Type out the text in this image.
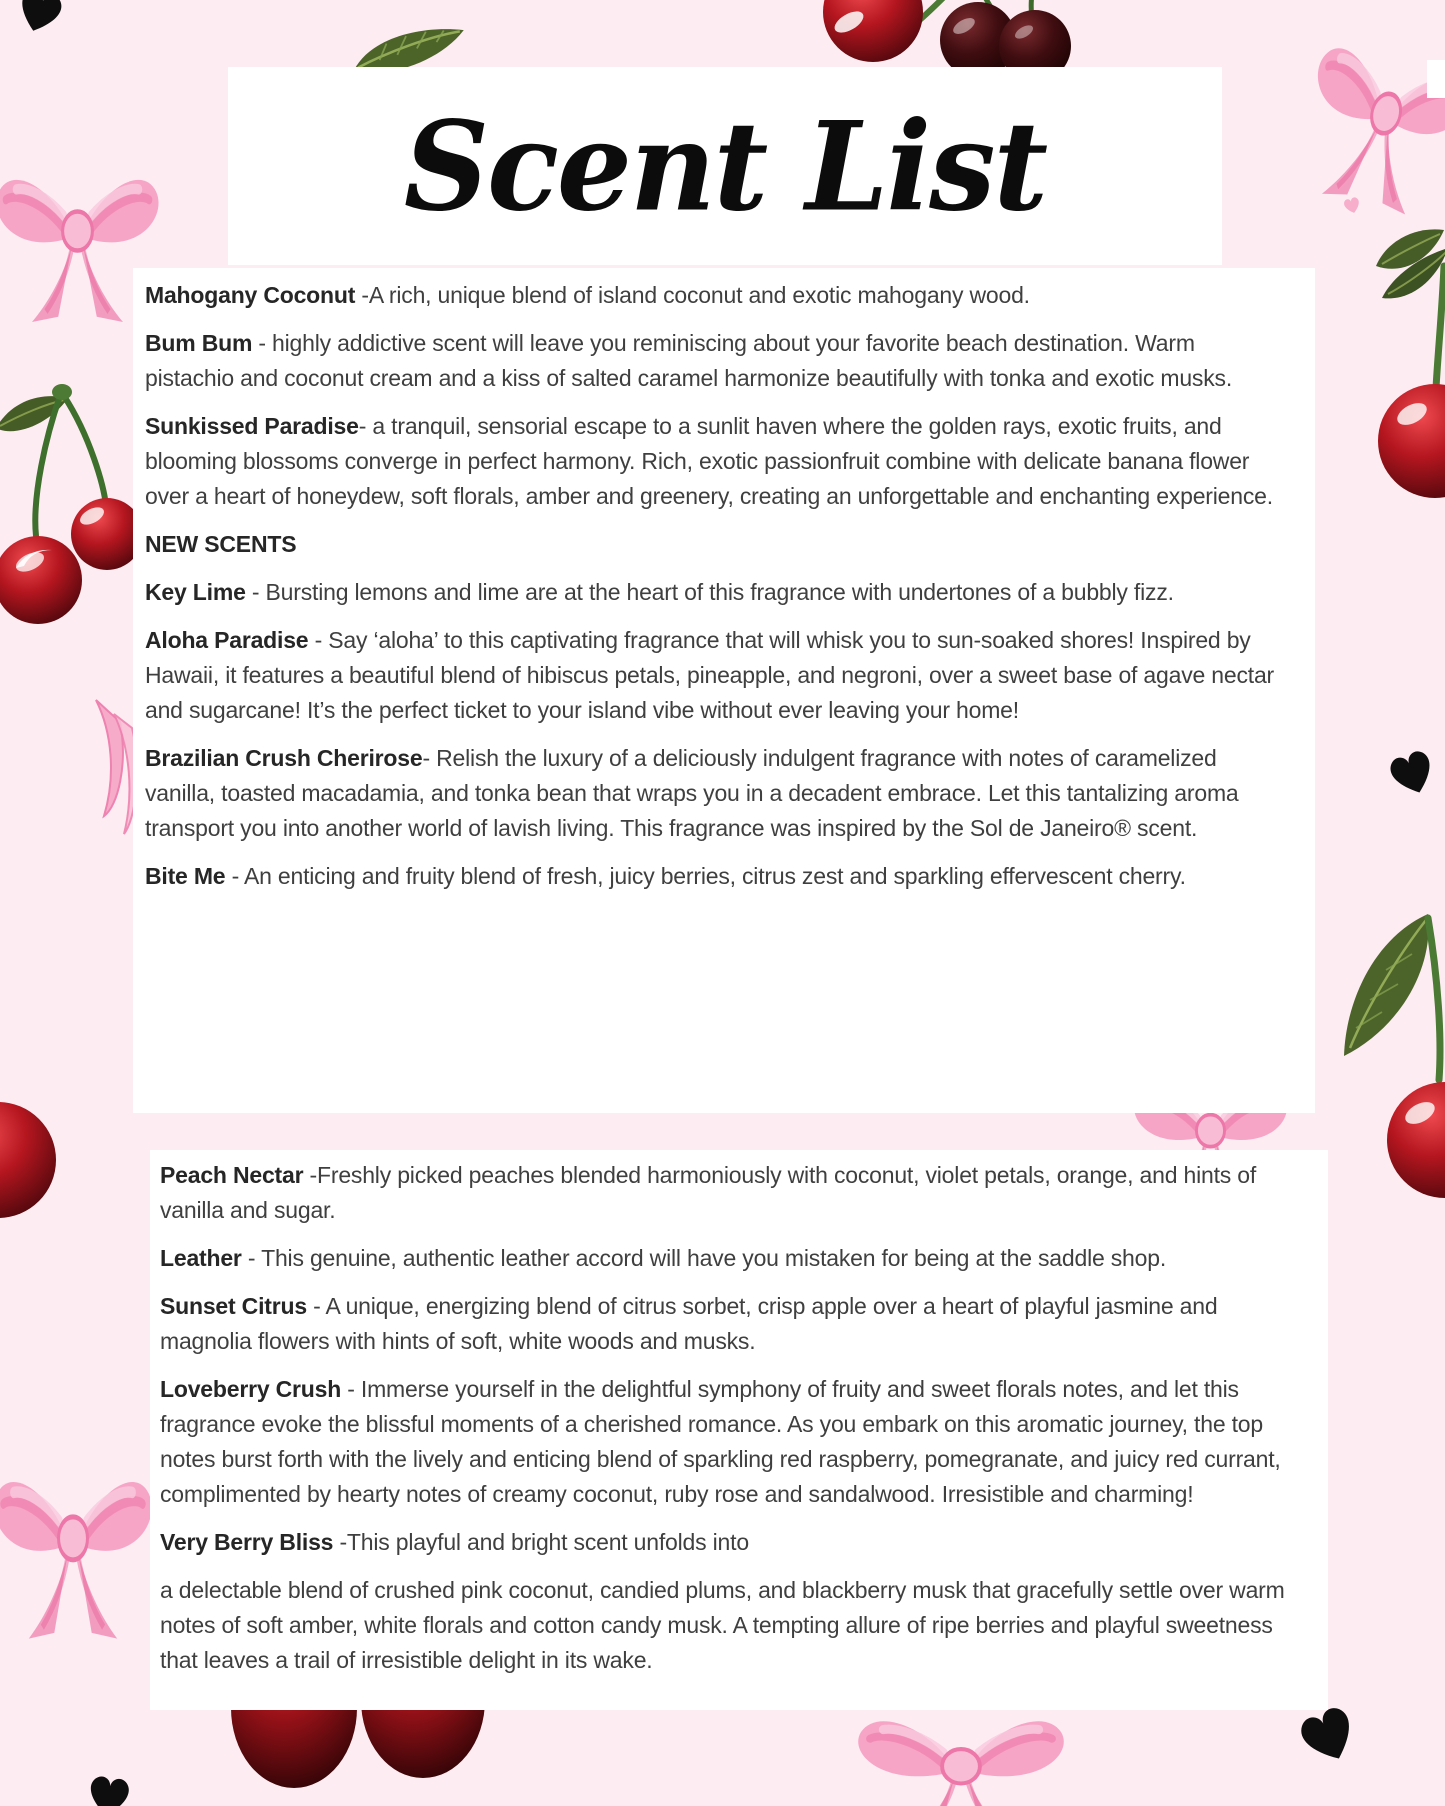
Scent List

Mahogany Coconut -A rich, unique blend of island coconut and exotic mahogany wood.

Bum Bum - highly addictive scent will leave you reminiscing about your favorite beach destination. Warm pistachio and coconut cream and a kiss of salted caramel harmonize beautifully with tonka and exotic musks.

Sunkissed Paradise- a tranquil, sensorial escape to a sunlit haven where the golden rays, exotic fruits, and blooming blossoms converge in perfect harmony. Rich, exotic passionfruit combine with delicate banana flower over a heart of honeydew, soft florals, amber and greenery, creating an unforgettable and enchanting experience.

NEW SCENTS

Key Lime - Bursting lemons and lime are at the heart of this fragrance with undertones of a bubbly fizz.

Aloha Paradise - Say ‘aloha’ to this captivating fragrance that will whisk you to sun-soaked shores! Inspired by Hawaii, it features a beautiful blend of hibiscus petals, pineapple, and negroni, over a sweet base of agave nectar and sugarcane! It’s the perfect ticket to your island vibe without ever leaving your home!

Brazilian Crush Cherirose- Relish the luxury of a deliciously indulgent fragrance with notes of caramelized vanilla, toasted macadamia, and tonka bean that wraps you in a decadent embrace. Let this tantalizing aroma transport you into another world of lavish living. This fragrance was inspired by the Sol de Janeiro® scent.

Bite Me - An enticing and fruity blend of fresh, juicy berries, citrus zest and sparkling effervescent cherry.

Peach Nectar -Freshly picked peaches blended harmoniously with coconut, violet petals, orange, and hints of vanilla and sugar.

Leather - This genuine, authentic leather accord will have you mistaken for being at the saddle shop.

Sunset Citrus - A unique, energizing blend of citrus sorbet, crisp apple over a heart of playful jasmine and magnolia flowers with hints of soft, white woods and musks.

Loveberry Crush - Immerse yourself in the delightful symphony of fruity and sweet florals notes, and let this fragrance evoke the blissful moments of a cherished romance. As you embark on this aromatic journey, the top notes burst forth with the lively and enticing blend of sparkling red raspberry, pomegranate, and juicy red currant, complimented by hearty notes of creamy coconut, ruby rose and sandalwood. Irresistible and charming!

Very Berry Bliss -This playful and bright scent unfolds into

a delectable blend of crushed pink coconut, candied plums, and blackberry musk that gracefully settle over warm notes of soft amber, white florals and cotton candy musk. A tempting allure of ripe berries and playful sweetness that leaves a trail of irresistible delight in its wake.
